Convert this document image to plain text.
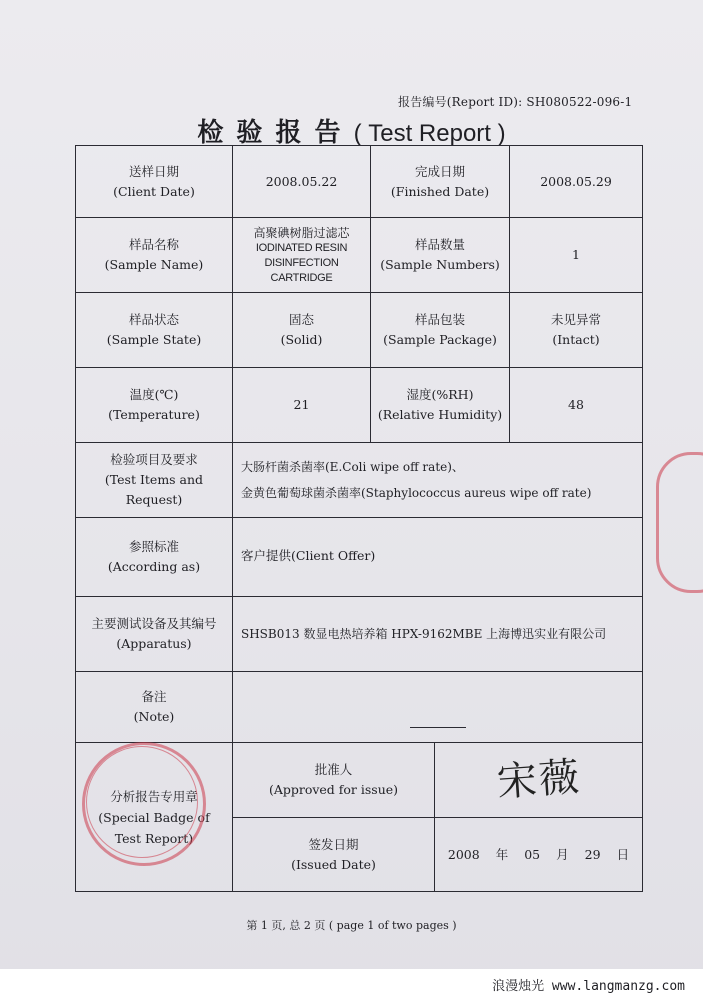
报告编号(Report ID): SH080522-096-1
检 验 报 告 ( Test Report )
送样日期
(Client Date)
2008.05.22
完成日期
(Finished Date)
2008.05.29
样品名称
(Sample Name)
高聚碘树脂过滤芯
IODINATED RESIN
DISINFECTION
CARTRIDGE
样品数量
(Sample Numbers)
1
样品状态
(Sample State)
固态
(Solid)
样品包装
(Sample Package)
未见异常
(Intact)
温度(℃)
(Temperature)
21
湿度(%RH)
(Relative Humidity)
48
检验项目及要求
(Test Items and Request)
大肠杆菌杀菌率(E.Coli wipe off rate)、
金黄色葡萄球菌杀菌率(Staphylococcus aureus wipe off rate)
参照标准
(According as)
客户提供(Client Offer)
主要测试设备及其编号
(Apparatus)
SHSB013 数显电热培养箱 HPX-9162MBE 上海博迅实业有限公司
备注
(Note)
分析报告专用章
(Special Badge of
Test Report)
批准人
(Approved for issue) 宋薇
签发日期
(Issued Date)
2008 年 05 月 29 日
第 1 页, 总 2 页 ( page 1 of two pages )
浪漫烛光 www.langmanzg.com
